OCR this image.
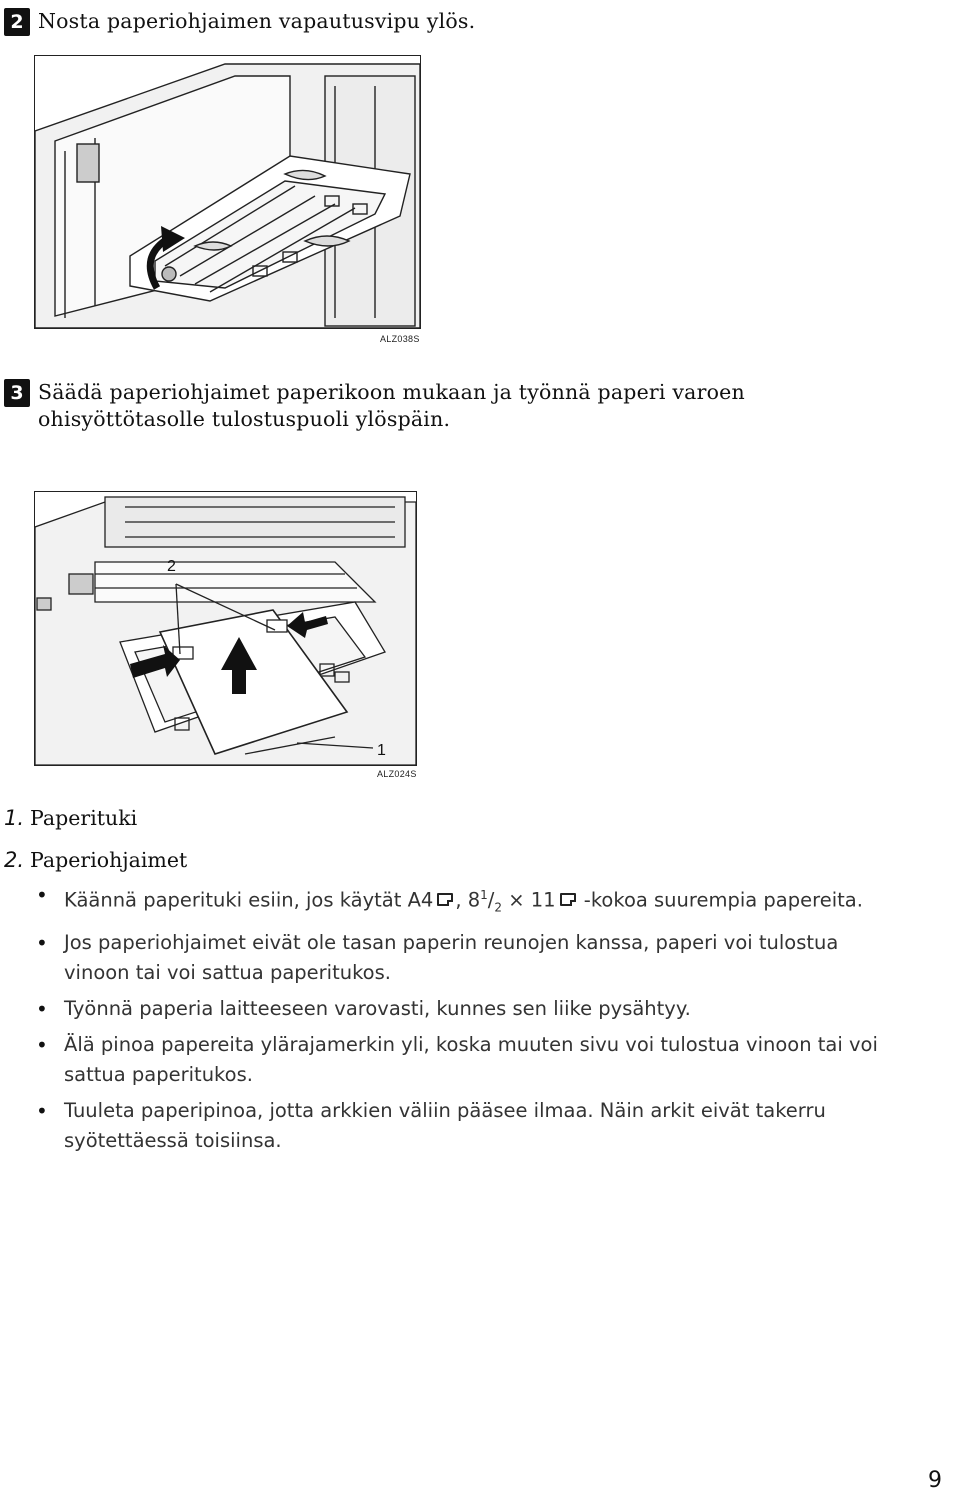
2 Nosta paperiohjaimen vapautusvipu ylös.
ALZ038S
3 Säädä paperiohjaimet paperikoon mukaan ja työnnä paperi varoen ohisyöttötasolle tulostuspuoli ylöspäin.
2
1
ALZ024S
1. Paperituki
2. Paperiohjaimet
• Käännä paperituki esiin, jos käytät A4 , $8^1/_2 \times 11$ -kokoa suurempia papereita.
• Jos paperiohjaimet eivät ole tasan paperin reunojen kanssa, paperi voi tulostua vinoon tai voi sattua paperitukos.
• Työnnä paperia laitteeseen varovasti, kunnes sen liike pysähtyy.
• Älä pinoa papereita ylärajamerkin yli, koska muuten sivu voi tulostua vinoon tai voi sattua paperitukos.
• Tuuleta paperipinoa, jotta arkkien väliin pääsee ilmaa. Näin arkit eivät takerru syötettäessä toisiinsa.
9
